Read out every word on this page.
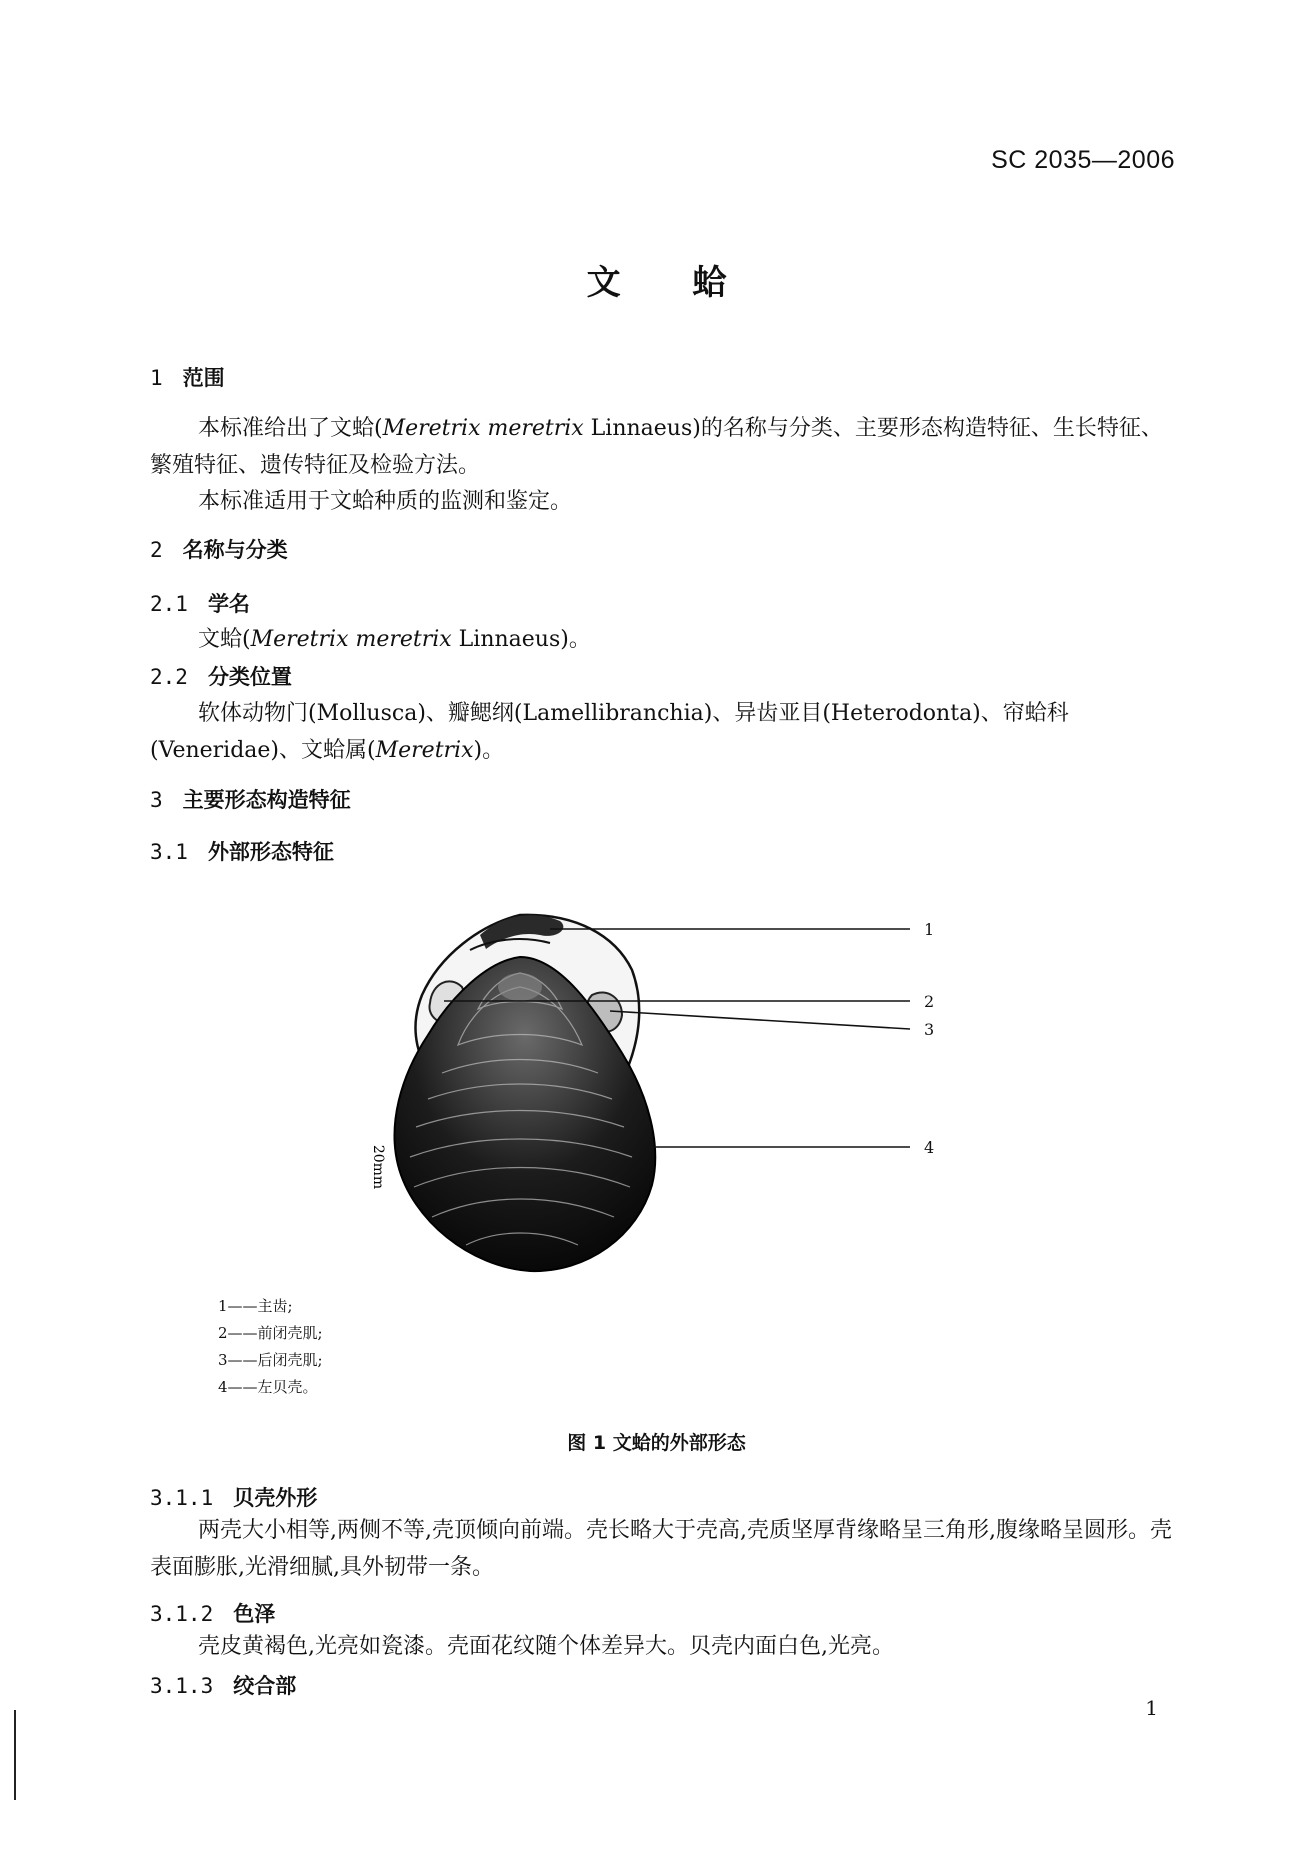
SC 2035—2006
文 蛤
1 范围
本标准给出了文蛤(Meretrix meretrix Linnaeus)的名称与分类、主要形态构造特征、生长特征、繁殖特征、遗传特征及检验方法。
本标准适用于文蛤种质的监测和鉴定。
2 名称与分类
2.1 学名
文蛤(Meretrix meretrix Linnaeus)。
2.2 分类位置
软体动物门(Mollusca)、瓣鳃纲(Lamellibranchia)、异齿亚目(Heterodonta)、帘蛤科(Veneridae)、文蛤属(Meretrix)。
3 主要形态构造特征
3.1 外部形态特征
20mm
1
2
3
4
1——主齿;
2——前闭壳肌;
3——后闭壳肌;
4——左贝壳。
图 1 文蛤的外部形态
3.1.1 贝壳外形
两壳大小相等,两侧不等,壳顶倾向前端。壳长略大于壳高,壳质坚厚背缘略呈三角形,腹缘略呈圆形。壳表面膨胀,光滑细腻,具外韧带一条。
3.1.2 色泽
壳皮黄褐色,光亮如瓷漆。壳面花纹随个体差异大。贝壳内面白色,光亮。
3.1.3 绞合部
1
